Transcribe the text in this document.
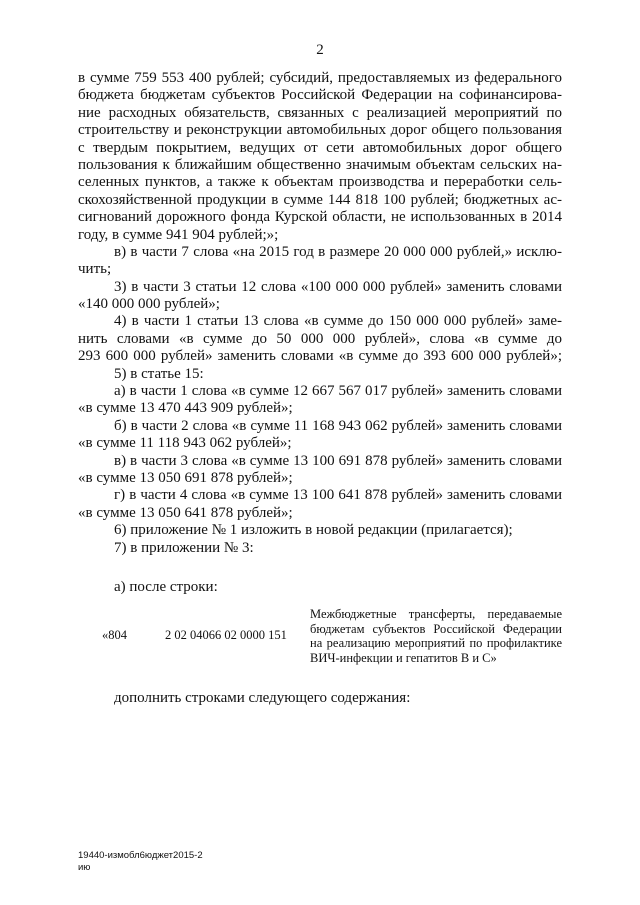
2
в сумме 759 553 400 рублей; субсидий, предоставляемых из федерального
бюджета бюджетам субъектов Российской Федерации на софинансирова-
ние расходных обязательств, связанных с реализацией мероприятий по
строительству и реконструкции автомобильных дорог общего пользования
с твердым покрытием, ведущих от сети автомобильных дорог общего
пользования к ближайшим общественно значимым объектам сельских на-
селенных пунктов, а также к объектам производства и переработки сель-
скохозяйственной продукции в сумме 144 818 100 рублей; бюджетных ас-
сигнований дорожного фонда Курской области, не использованных в 2014
году, в сумме 941 904 рублей;»;
в) в части 7 слова «на 2015 год в размере 20 000 000 рублей,» исклю-
чить;
3) в части 3 статьи 12 слова «100 000 000 рублей» заменить словами
«140 000 000 рублей»;
4) в части 1 статьи 13 слова «в сумме до 150 000 000 рублей» заме-
нить словами «в сумме до 50 000 000 рублей», слова «в сумме до
293 600 000 рублей» заменить словами «в сумме до 393 600 000 рублей»;
5) в статье 15:
а) в части 1 слова «в сумме 12 667 567 017 рублей» заменить словами
«в сумме 13 470 443 909 рублей»;
б) в части 2 слова «в сумме 11 168 943 062 рублей» заменить словами
«в сумме 11 118 943 062 рублей»;
в) в части 3 слова «в сумме 13 100 691 878 рублей» заменить словами
«в сумме 13 050 691 878 рублей»;
г) в части 4 слова «в сумме 13 100 641 878 рублей» заменить словами
«в сумме 13 050 641 878 рублей»;
6) приложение № 1 изложить в новой редакции (прилагается);
7) в приложении № 3:
а) после строки:
«804	2 02 04066 02 0000 151
Межбюджетные трансферты, передаваемые
бюджетам субъектов Российской Федерации
на реализацию мероприятий по профилактике
ВИЧ-инфекции и гепатитов В и С»
дополнить строками следующего содержания:
19440-измобл6юджет2015-2
ию
